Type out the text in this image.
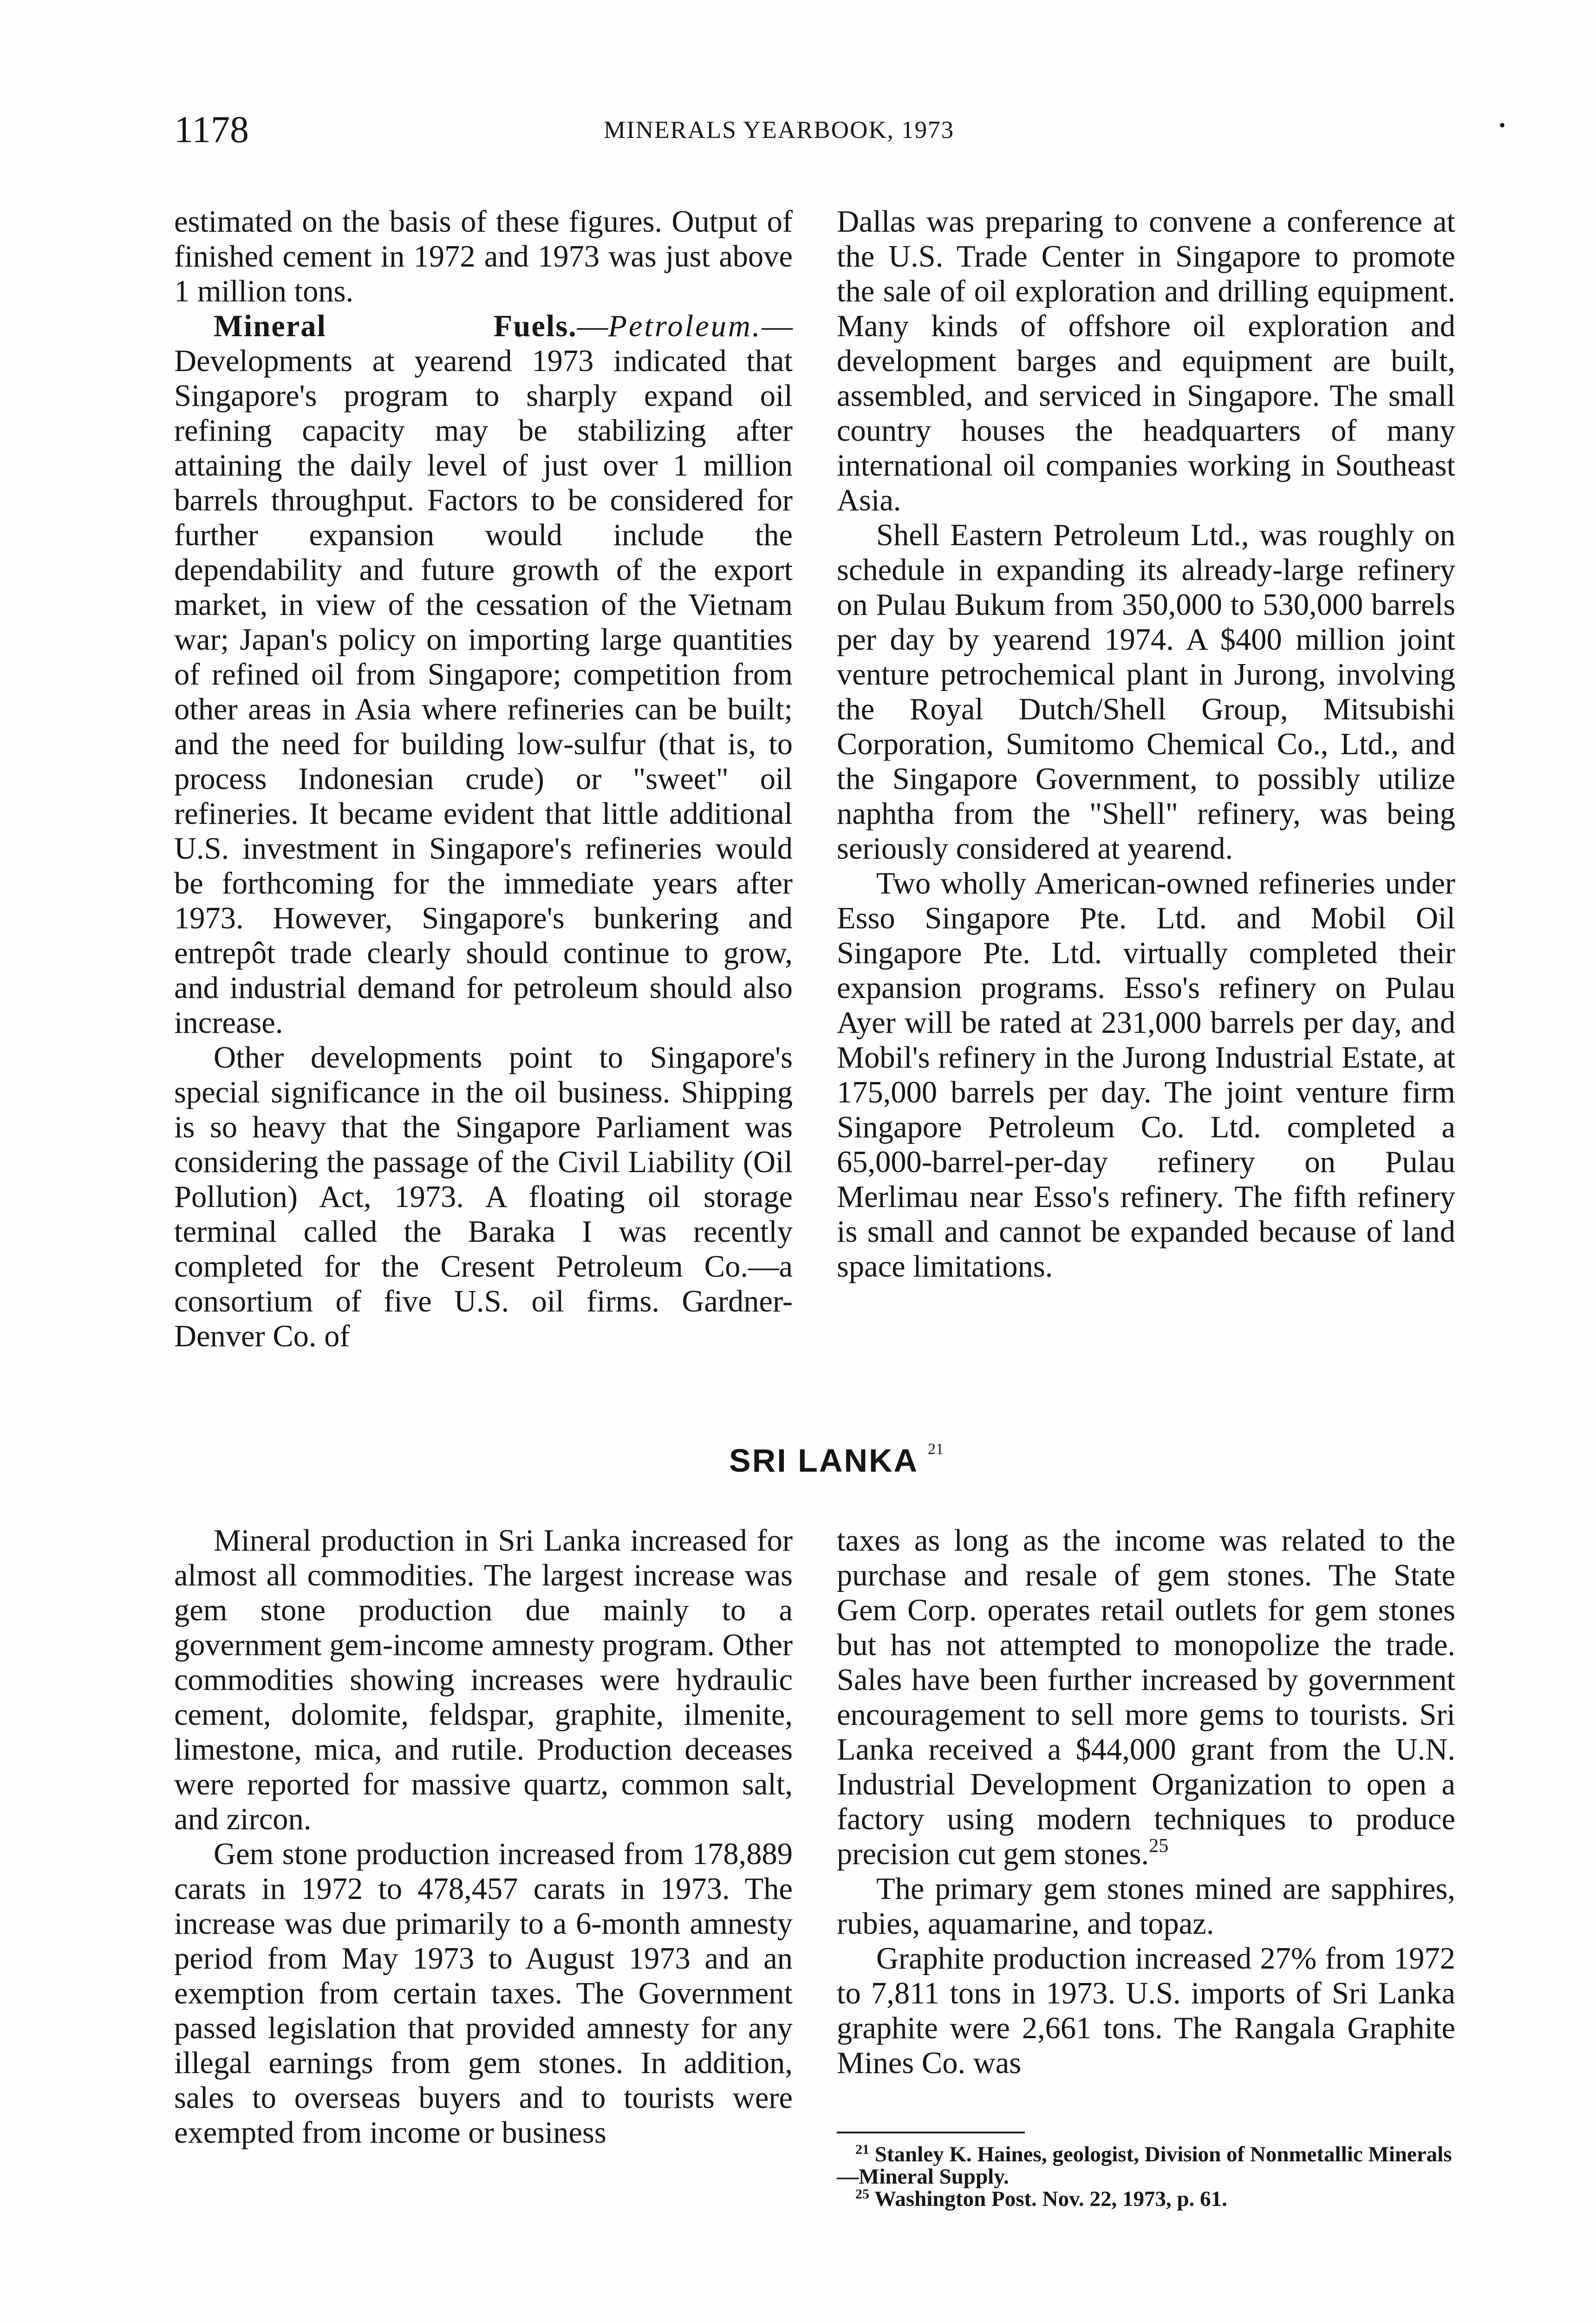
1178	MINERALS YEARBOOK, 1973	•

estimated on the basis of these figures. Output of finished cement in 1972 and 1973 was just above 1 million tons.

Mineral Fuels.—Petroleum.—Developments at yearend 1973 indicated that Singapore's program to sharply expand oil refining capacity may be stabilizing after attaining the daily level of just over 1 million barrels throughput. Factors to be considered for further expansion would include the dependability and future growth of the export market, in view of the cessation of the Vietnam war; Japan's policy on importing large quantities of refined oil from Singapore; competition from other areas in Asia where refineries can be built; and the need for building low-sulfur (that is, to process Indonesian crude) or "sweet" oil refineries. It became evident that little additional U.S. investment in Singapore's refineries would be forthcoming for the immediate years after 1973. However, Singapore's bunkering and entrepôt trade clearly should continue to grow, and industrial demand for petroleum should also increase.

Other developments point to Singapore's special significance in the oil business. Shipping is so heavy that the Singapore Parliament was considering the passage of the Civil Liability (Oil Pollution) Act, 1973. A floating oil storage terminal called the Baraka I was recently completed for the Cresent Petroleum Co.—a consortium of five U.S. oil firms. Gardner-Denver Co. of

Dallas was preparing to convene a conference at the U.S. Trade Center in Singapore to promote the sale of oil exploration and drilling equipment. Many kinds of offshore oil exploration and development barges and equipment are built, assembled, and serviced in Singapore. The small country houses the headquarters of many international oil companies working in Southeast Asia.

Shell Eastern Petroleum Ltd., was roughly on schedule in expanding its already-large refinery on Pulau Bukum from 350,000 to 530,000 barrels per day by yearend 1974. A $400 million joint venture petrochemical plant in Jurong, involving the Royal Dutch/Shell Group, Mitsubishi Corporation, Sumitomo Chemical Co., Ltd., and the Singapore Government, to possibly utilize naphtha from the "Shell" refinery, was being seriously considered at yearend.

Two wholly American-owned refineries under Esso Singapore Pte. Ltd. and Mobil Oil Singapore Pte. Ltd. virtually completed their expansion programs. Esso's refinery on Pulau Ayer will be rated at 231,000 barrels per day, and Mobil's refinery in the Jurong Industrial Estate, at 175,000 barrels per day. The joint venture firm Singapore Petroleum Co. Ltd. completed a 65,000-barrel-per-day refinery on Pulau Merlimau near Esso's refinery. The fifth refinery is small and cannot be expanded because of land space limitations.

SRI LANKA $^{21}$

Mineral production in Sri Lanka increased for almost all commodities. The largest increase was gem stone production due mainly to a government gem-income amnesty program. Other commodities showing increases were hydraulic cement, dolomite, feldspar, graphite, ilmenite, limestone, mica, and rutile. Production deceases were reported for massive quartz, common salt, and zircon.

Gem stone production increased from 178,889 carats in 1972 to 478,457 carats in 1973. The increase was due primarily to a 6-month amnesty period from May 1973 to August 1973 and an exemption from certain taxes. The Government passed legislation that provided amnesty for any illegal earnings from gem stones. In addition, sales to overseas buyers and to tourists were exempted from income or business

taxes as long as the income was related to the purchase and resale of gem stones. The State Gem Corp. operates retail outlets for gem stones but has not attempted to monopolize the trade. Sales have been further increased by government encouragement to sell more gems to tourists. Sri Lanka received a $44,000 grant from the U.N. Industrial Development Organization to open a factory using modern techniques to produce precision cut gem stones.$^{25}$

The primary gem stones mined are sapphires, rubies, aquamarine, and topaz.

Graphite production increased 27% from 1972 to 7,811 tons in 1973. U.S. imports of Sri Lanka graphite were 2,661 tons. The Rangala Graphite Mines Co. was

$^{21}$ Stanley K. Haines, geologist, Division of Nonmetallic Minerals—Mineral Supply.

$^{25}$ Washington Post. Nov. 22, 1973, p. 61.
